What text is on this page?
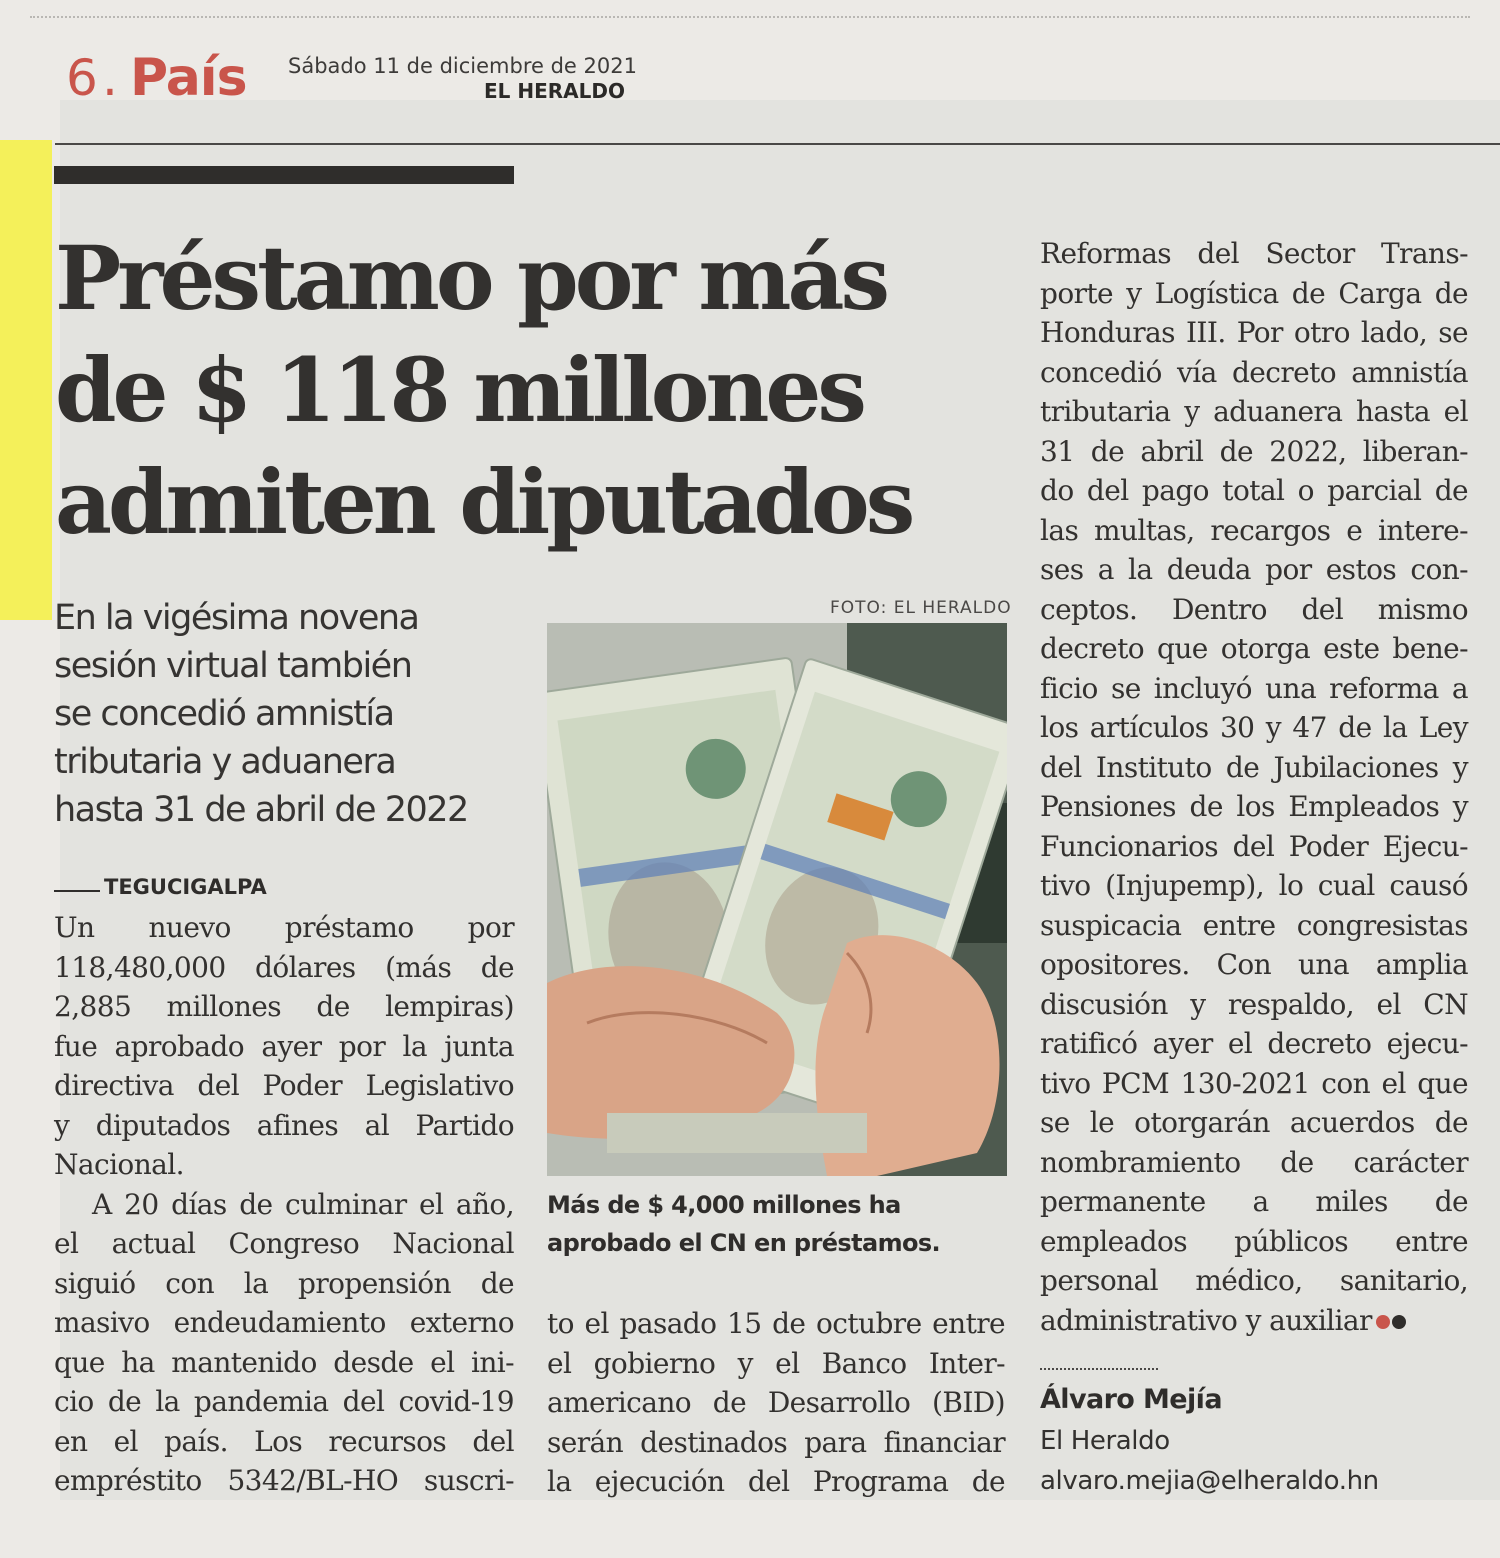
6 . País Sábado 11 de diciembre de 2021
EL HERALDO
Préstamo por más
de $ 118 millones
admiten diputados

En la vigésima novena
sesión virtual también
se concedió amnistía
tributaria y aduanera
hasta 31 de abril de 2022

TEGUCIGALPA
Un nuevo préstamo por
118,480,000 dólares (más de
2,885 millones de lempiras)
fue aprobado ayer por la junta
directiva del Poder Legislativo
y diputados afines al Partido
Nacional.
A 20 días de culminar el año,
el actual Congreso Nacional
siguió con la propensión de
masivo endeudamiento externo
que ha mantenido desde el ini-
cio de la pandemia del covid-19
en el país. Los recursos del
empréstito 5342/BL-HO suscri-
FOTO: EL HERALDO

Más de $ 4,000 millones ha
aprobado el CN en préstamos.

to el pasado 15 de octubre entre
el gobierno y el Banco Inter-
americano de Desarrollo (BID)
serán destinados para financiar
la ejecución del Programa de
Reformas del Sector Trans-
porte y Logística de Carga de
Honduras III. Por otro lado, se
concedió vía decreto amnistía
tributaria y aduanera hasta el
31 de abril de 2022, liberan-
do del pago total o parcial de
las multas, recargos e intere-
ses a la deuda por estos con-
ceptos. Dentro del mismo
decreto que otorga este bene-
ficio se incluyó una reforma a
los artículos 30 y 47 de la Ley
del Instituto de Jubilaciones y
Pensiones de los Empleados y
Funcionarios del Poder Ejecu-
tivo (Injupemp), lo cual causó
suspicacia entre congresistas
opositores. Con una amplia
discusión y respaldo, el CN
ratificó ayer el decreto ejecu-
tivo PCM 130-2021 con el que
se le otorgarán acuerdos de
nombramiento de carácter
permanente a miles de
empleados públicos entre
personal médico, sanitario,
administrativo y auxiliar
Álvaro Mejía
El Heraldo
alvaro.mejia@elheraldo.hn
